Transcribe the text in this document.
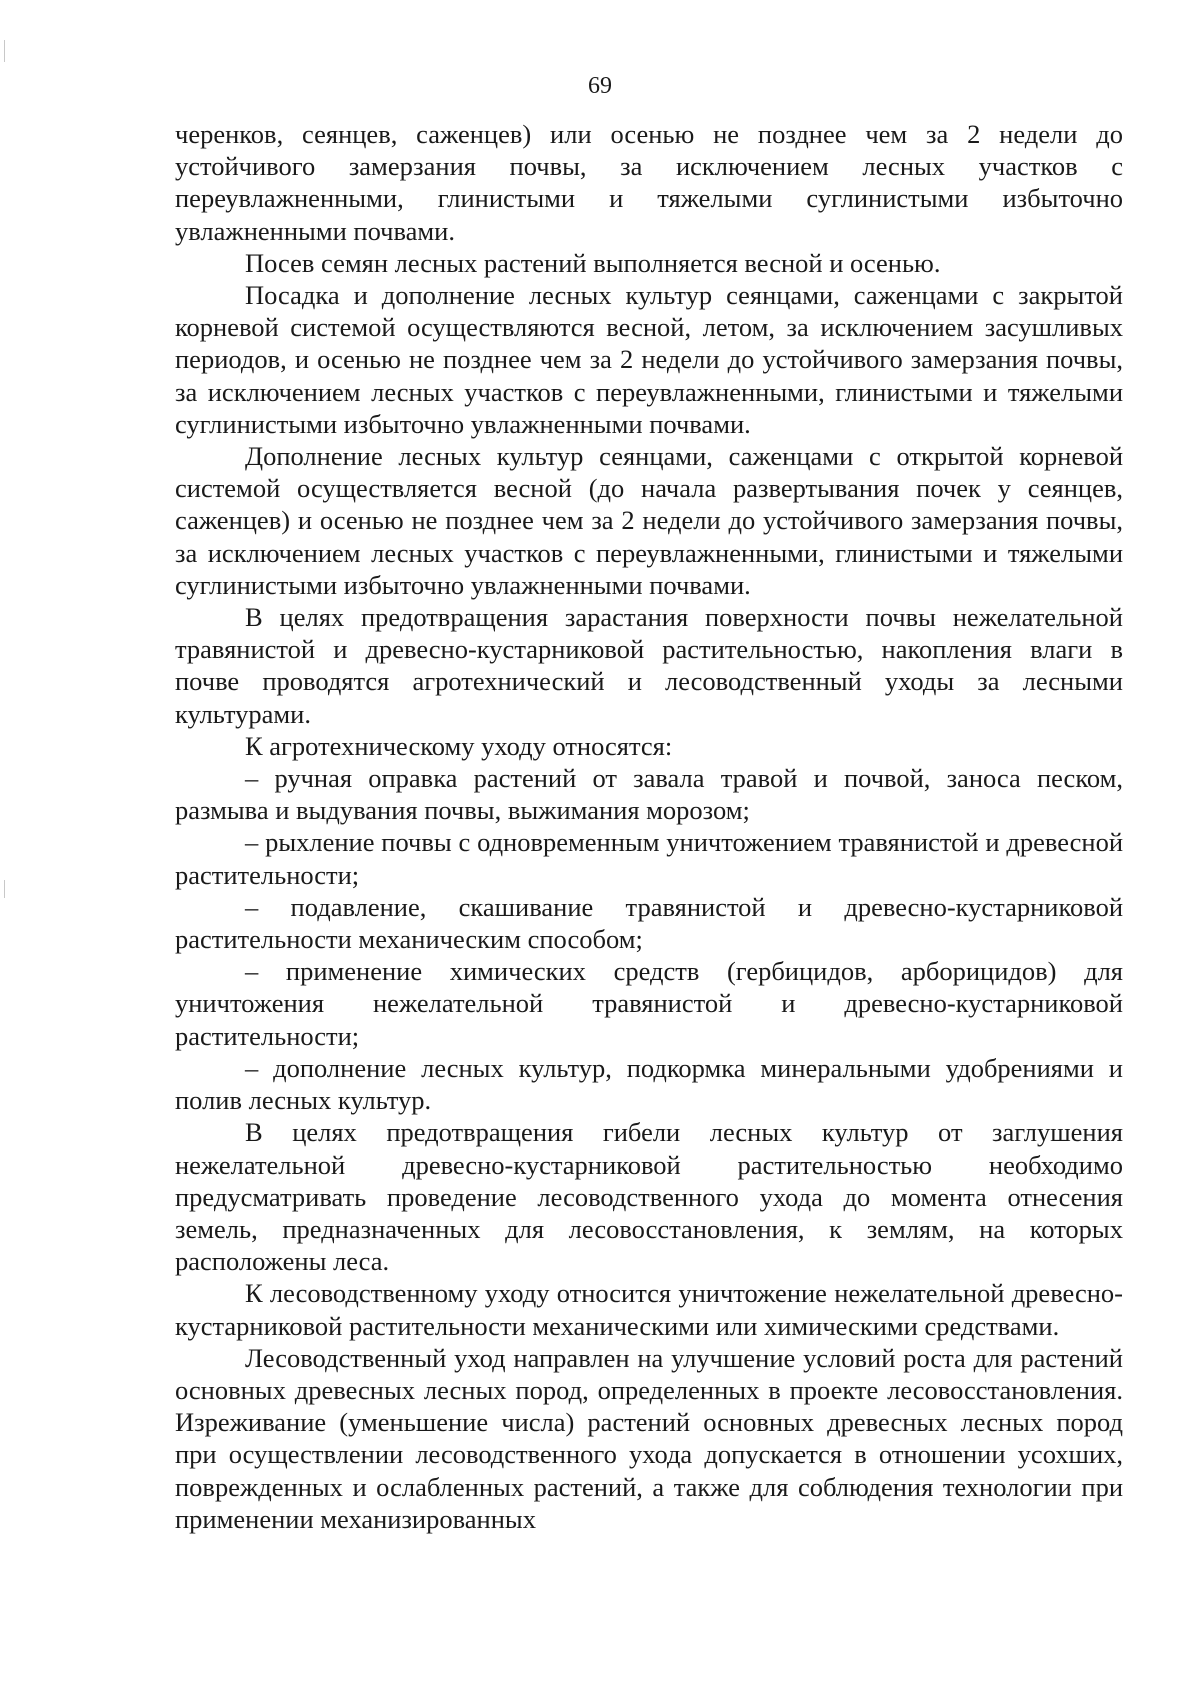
69

черенков, сеянцев, саженцев) или осенью не позднее чем за 2 недели до устойчивого замерзания почвы, за исключением лесных участков с переувлажненными, глинистыми и тяжелыми суглинистыми избыточно увлажненными почвами.

Посев семян лесных растений выполняется весной и осенью.

Посадка и дополнение лесных культур сеянцами, саженцами с закрытой корневой системой осуществляются весной, летом, за исключением засушливых периодов, и осенью не позднее чем за 2 недели до устойчивого замерзания почвы, за исключением лесных участков с переувлажненными, глинистыми и тяжелыми суглинистыми избыточно увлажненными почвами.

Дополнение лесных культур сеянцами, саженцами с открытой корневой системой осуществляется весной (до начала развертывания почек у сеянцев, саженцев) и осенью не позднее чем за 2 недели до устойчивого замерзания почвы, за исключением лесных участков с переувлажненными, глинистыми и тяжелыми суглинистыми избыточно увлажненными почвами.

В целях предотвращения зарастания поверхности почвы нежелательной травянистой и древесно-кустарниковой растительностью, накопления влаги в почве проводятся агротехнический и лесоводственный уходы за лесными культурами.

К агротехническому уходу относятся:

– ручная оправка растений от завала травой и почвой, заноса песком, размыва и выдувания почвы, выжимания морозом;

– рыхление почвы с одновременным уничтожением травянистой и древесной растительности;

– подавление, скашивание травянистой и древесно-кустарниковой растительности механическим способом;

– применение химических средств (гербицидов, арборицидов) для уничтожения нежелательной травянистой и древесно-кустарниковой растительности;

– дополнение лесных культур, подкормка минеральными удобрениями и полив лесных культур.

В целях предотвращения гибели лесных культур от заглушения нежелательной древесно-кустарниковой растительностью необходимо предусматривать проведение лесоводственного ухода до момента отнесения земель, предназначенных для лесовосстановления, к землям, на которых расположены леса.

К лесоводственному уходу относится уничтожение нежелательной древесно-кустарниковой растительности механическими или химическими средствами.

Лесоводственный уход направлен на улучшение условий роста для растений основных древесных лесных пород, определенных в проекте лесовосстановления. Изреживание (уменьшение числа) растений основных древесных лесных пород при осуществлении лесоводственного ухода допускается в отношении усохших, поврежденных и ослабленных растений, а также для соблюдения технологии при применении механизированных
